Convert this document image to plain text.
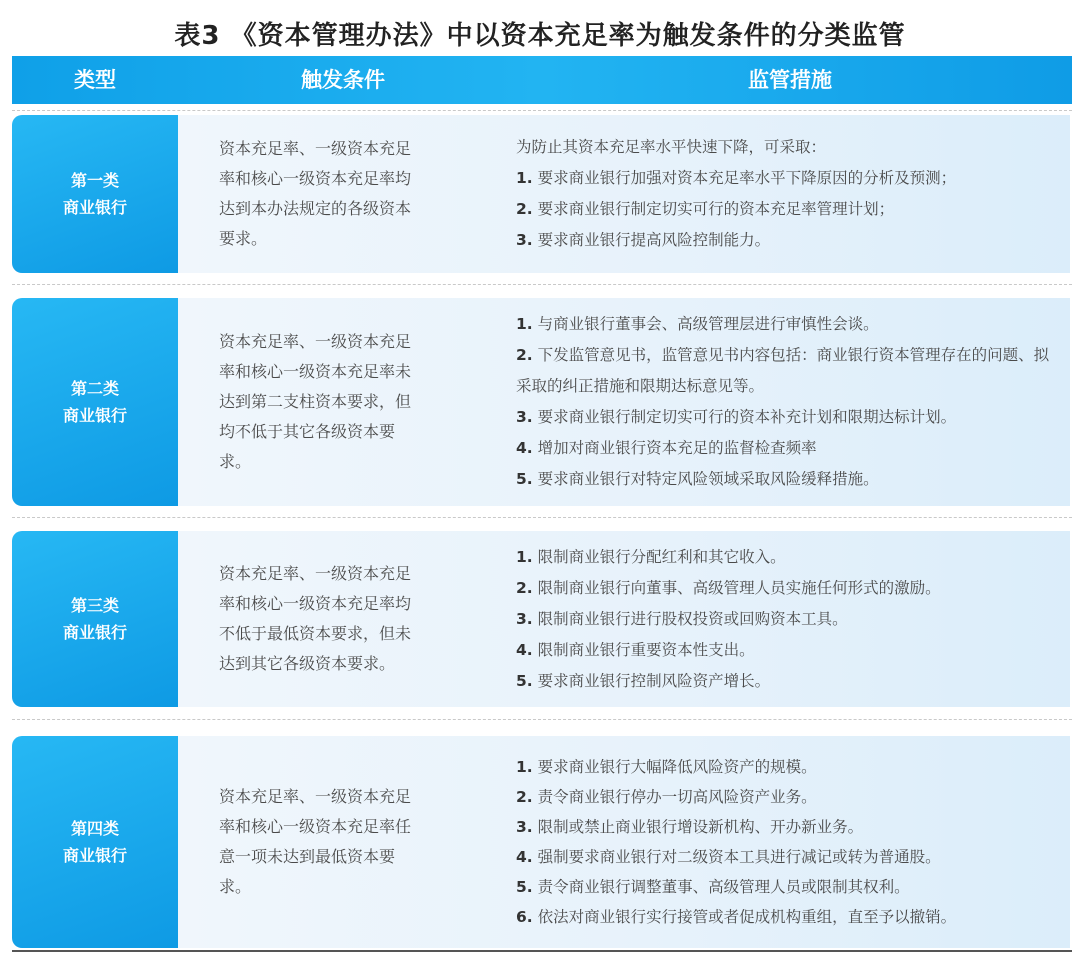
表3 《资本管理办法》中以资本充足率为触发条件的分类监管
类型	触发条件	监管措施
第一类
商业银行
资本充足率、一级资本充足率和核心一级资本充足率均达到本办法规定的各级资本要求。
为防止其资本充足率水平快速下降，可采取：
1. 要求商业银行加强对资本充足率水平下降原因的分析及预测；
2. 要求商业银行制定切实可行的资本充足率管理计划；
3. 要求商业银行提高风险控制能力。
第二类
商业银行
资本充足率、一级资本充足率和核心一级资本充足率未达到第二支柱资本要求，但均不低于其它各级资本要求。
1. 与商业银行董事会、高级管理层进行审慎性会谈。
2. 下发监管意见书，监管意见书内容包括：商业银行资本管理存在的问题、拟采取的纠正措施和限期达标意见等。
3. 要求商业银行制定切实可行的资本补充计划和限期达标计划。
4. 增加对商业银行资本充足的监督检查频率
5. 要求商业银行对特定风险领域采取风险缓释措施。
第三类
商业银行
资本充足率、一级资本充足率和核心一级资本充足率均不低于最低资本要求，但未达到其它各级资本要求。
1. 限制商业银行分配红利和其它收入。
2. 限制商业银行向董事、高级管理人员实施任何形式的激励。
3. 限制商业银行进行股权投资或回购资本工具。
4. 限制商业银行重要资本性支出。
5. 要求商业银行控制风险资产增长。
第四类
商业银行
资本充足率、一级资本充足率和核心一级资本充足率任意一项未达到最低资本要求。
1. 要求商业银行大幅降低风险资产的规模。
2. 责令商业银行停办一切高风险资产业务。
3. 限制或禁止商业银行增设新机构、开办新业务。
4. 强制要求商业银行对二级资本工具进行减记或转为普通股。
5. 责令商业银行调整董事、高级管理人员或限制其权利。
6. 依法对商业银行实行接管或者促成机构重组，直至予以撤销。
